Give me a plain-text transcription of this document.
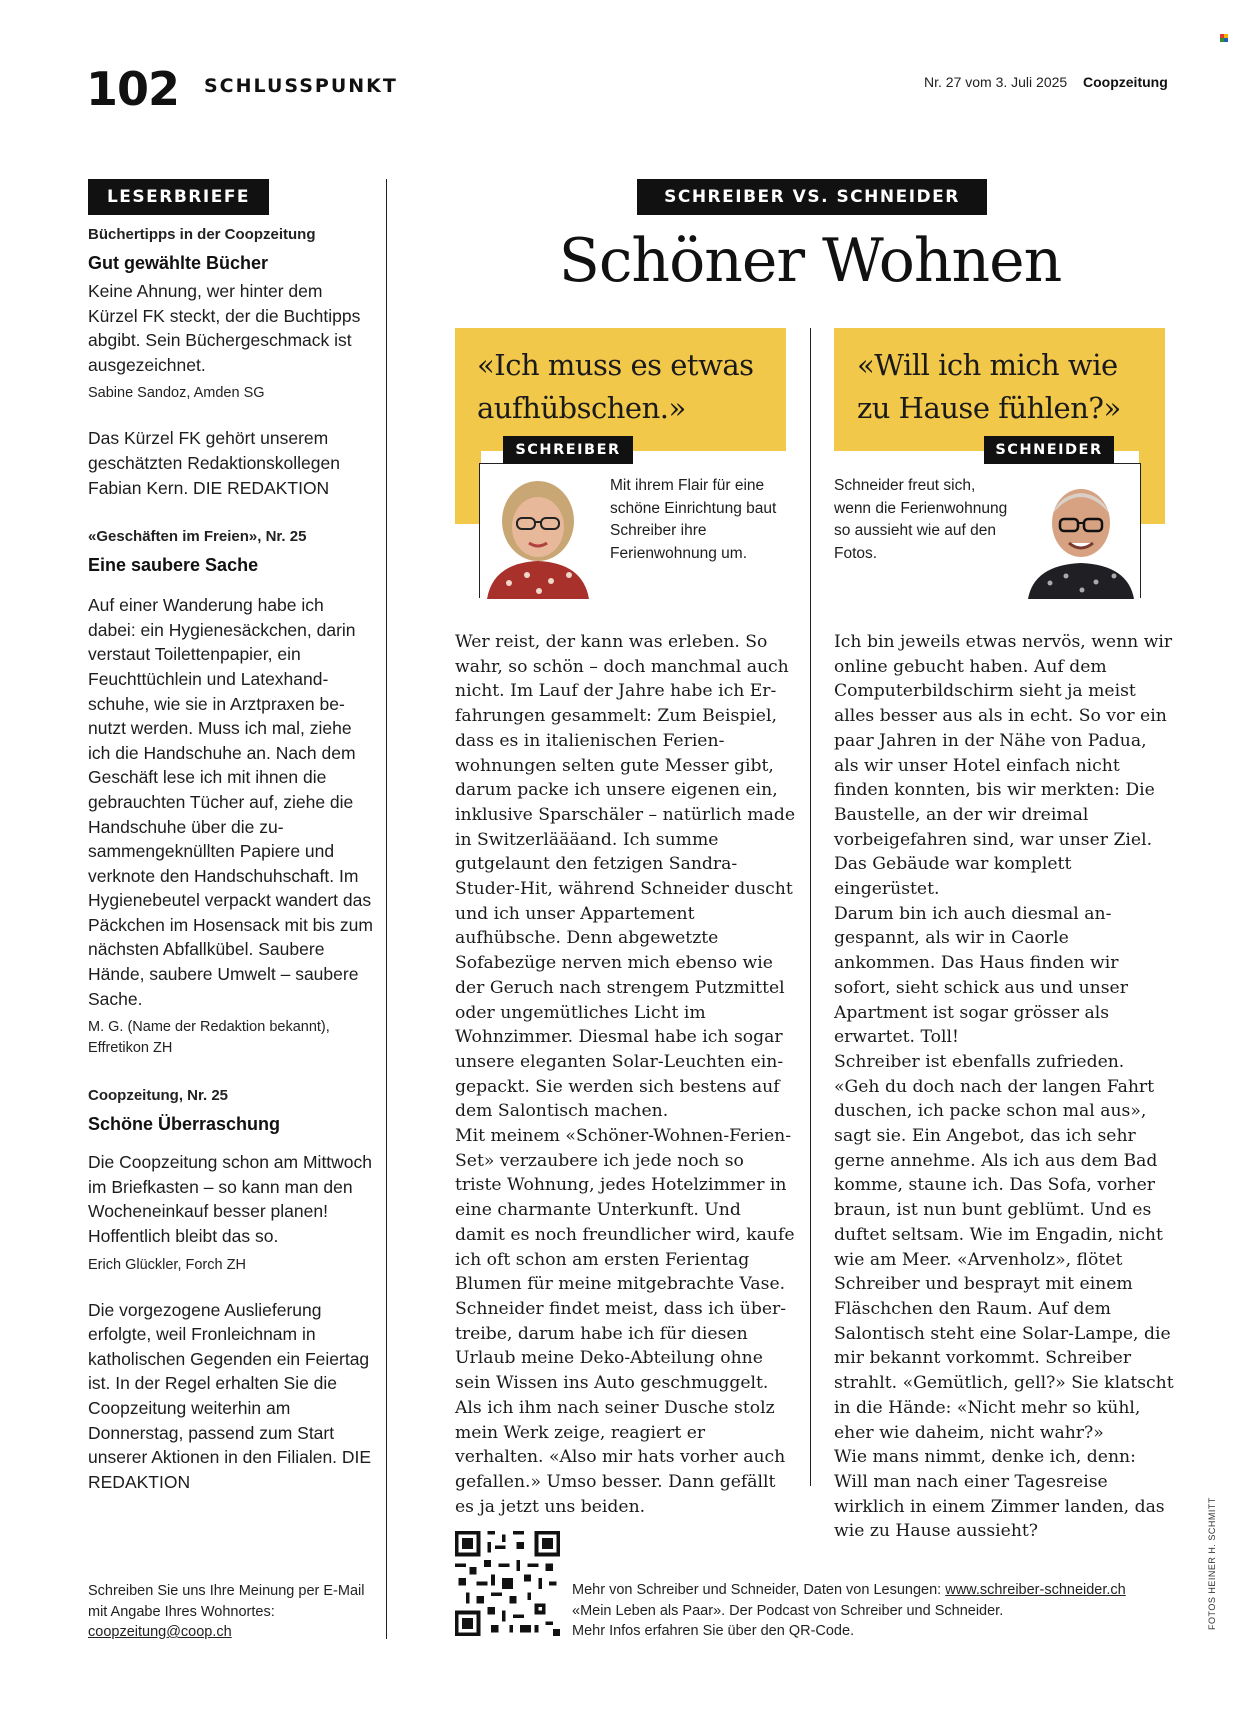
102 SCHLUSSPUNKT	Nr. 27 vom 3. Juli 2025 Coopzeitung
LESERBRIEFE

Büchertipps in der Coopzeitung

Gut gewählte Bücher

Keine Ahnung, wer hinter dem Kürzel FK steckt, der die Buchtipps abgibt. Sein Büchergeschmack ist ausgezeichnet.

Sabine Sandoz, Amden SG

Das Kürzel FK gehört unserem geschätzten Redaktionskollegen Fabian Kern. DIE REDAKTION

«Geschäften im Freien», Nr. 25

Eine saubere Sache

Auf einer Wanderung habe ich dabei: ein Hygienesäckchen, darin verstaut Toilettenpapier, ein Feuchttüchlein und Latexhandschuhe, wie sie in Arztpraxen benutzt werden. Muss ich mal, ziehe ich die Handschuhe an. Nach dem Geschäft lese ich mit ihnen die gebrauchten Tücher auf, ziehe die Handschuhe über die zusammengeknüllten Papiere und verknote den Handschuhschaft. Im Hygienebeutel verpackt wandert das Päckchen im Hosensack mit bis zum nächsten Abfallkübel. Saubere Hände, saubere Umwelt – saubere Sache.

M. G. (Name der Redaktion bekannt), Effretikon ZH

Coopzeitung, Nr. 25

Schöne Überraschung

Die Coopzeitung schon am Mittwoch im Briefkasten – so kann man den Wocheneinkauf besser planen! Hoffentlich bleibt das so.

Erich Glückler, Forch ZH

Die vorgezogene Auslieferung erfolgte, weil Fronleichnam in katholischen Gegenden ein Feiertag ist. In der Regel erhalten Sie die Coopzeitung weiterhin am Donnerstag, passend zum Start unserer Aktionen in den Filialen. DIE REDAKTION

Schreiben Sie uns Ihre Meinung per E-Mail mit Angabe Ihres Wohnortes:
coopzeitung@coop.ch
SCHREIBER VS. SCHNEIDER
Schöner Wohnen
«Ich muss es etwas aufhübschen.»
«Will ich mich wie zu Hause fühlen?»
SCHREIBER	SCHNEIDER
Mit ihrem Flair für eine schöne Einrichtung baut Schreiber ihre Ferienwohnung um.
Schneider freut sich, wenn die Ferienwohnung so aussieht wie auf den Fotos.
Wer reist, der kann was erleben. So wahr, so schön – doch manchmal auch nicht. Im Lauf der Jahre habe ich Erfahrungen gesammelt: Zum Beispiel, dass es in italienischen Ferienwohnungen selten gute Messer gibt, darum packe ich unsere eigenen ein, inklusive Sparschäler – natürlich made in Switzerläääand. Ich summe gutgelaunt den fetzigen Sandra-Studer-Hit, während Schneider duscht und ich unser Appartement aufhübsche. Denn abgewetzte Sofabezüge nerven mich ebenso wie der Geruch nach strengem Putzmittel oder ungemütliches Licht im Wohnzimmer. Diesmal habe ich sogar unsere eleganten Solar-Leuchten eingepackt. Sie werden sich bestens auf dem Salontisch machen.
Mit meinem «Schöner-Wohnen-Ferien-Set» verzaubere ich jede noch so triste Wohnung, jedes Hotelzimmer in eine charmante Unterkunft. Und damit es noch freundlicher wird, kaufe ich oft schon am ersten Ferientag Blumen für meine mitgebrachte Vase.
Schneider findet meist, dass ich übertreibe, darum habe ich für diesen Urlaub meine Deko-Abteilung ohne sein Wissen ins Auto geschmuggelt.
Als ich ihm nach seiner Dusche stolz mein Werk zeige, reagiert er verhalten. «Also mir hats vorher auch gefallen.» Umso besser. Dann gefällt es ja jetzt uns beiden.
Ich bin jeweils etwas nervös, wenn wir online gebucht haben. Auf dem Computerbildschirm sieht ja meist alles besser aus als in echt. So vor ein paar Jahren in der Nähe von Padua, als wir unser Hotel einfach nicht finden konnten, bis wir merkten: Die Baustelle, an der wir dreimal vorbeigefahren sind, war unser Ziel. Das Gebäude war komplett eingerüstet.
Darum bin ich auch diesmal angespannt, als wir in Caorle ankommen. Das Haus finden wir sofort, sieht schick aus und unser Apartment ist sogar grösser als erwartet. Toll!
Schreiber ist ebenfalls zufrieden. «Geh du doch nach der langen Fahrt duschen, ich packe schon mal aus», sagt sie. Ein Angebot, das ich sehr gerne annehme. Als ich aus dem Bad komme, staune ich. Das Sofa, vorher braun, ist nun bunt geblümt. Und es duftet seltsam. Wie im Engadin, nicht wie am Meer. «Arvenholz», flötet Schreiber und besprayt mit einem Fläschchen den Raum. Auf dem Salontisch steht eine Solar-Lampe, die mir bekannt vorkommt. Schreiber strahlt. «Gemütlich, gell?» Sie klatscht in die Hände: «Nicht mehr so kühl, eher wie daheim, nicht wahr?»
Wie mans nimmt, denke ich, denn: Will man nach einer Tagesreise wirklich in einem Zimmer landen, das wie zu Hause aussieht?
Mehr von Schreiber und Schneider, Daten von Lesungen: www.schreiber-schneider.ch
«Mein Leben als Paar». Der Podcast von Schreiber und Schneider.
Mehr Infos erfahren Sie über den QR-Code.
FOTOS HEINER H. SCHMITT
